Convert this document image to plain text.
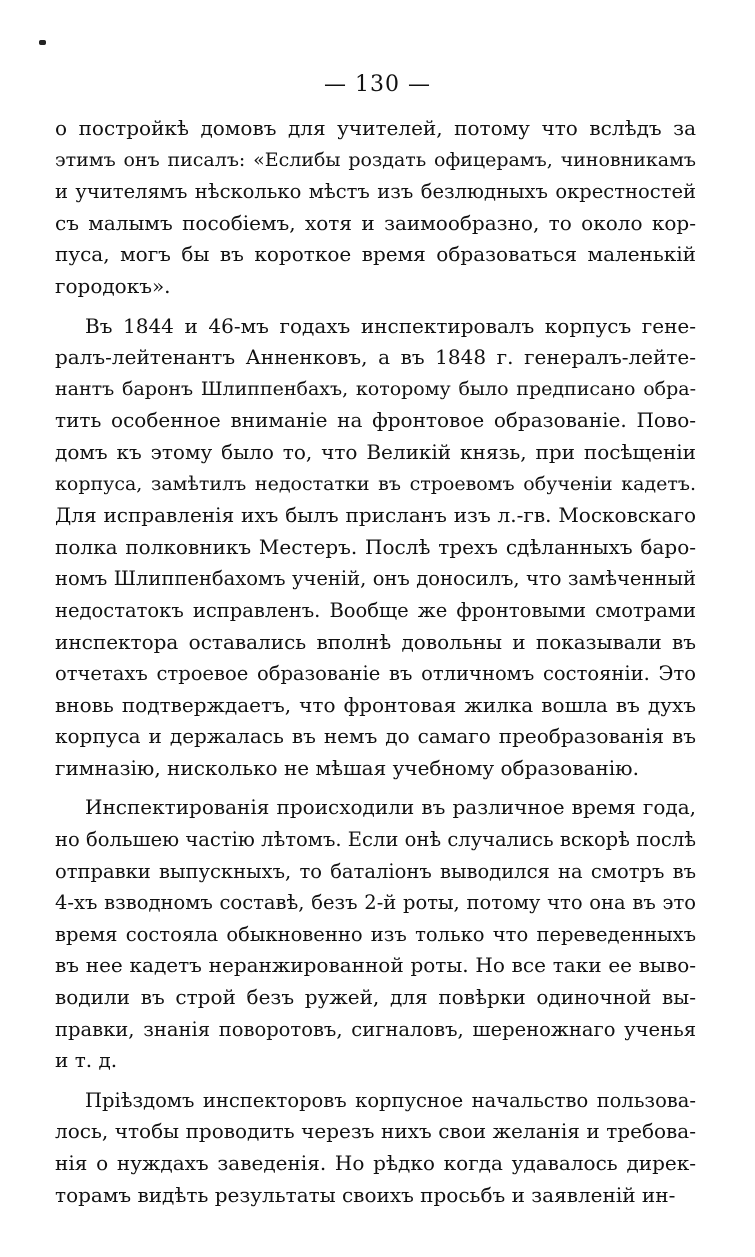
— 130 —
о постройкѣ домовъ для учителей, потому что вслѣдъ за
этимъ онъ писалъ: «Еслибы роздать офицерамъ, чиновникамъ
и учителямъ нѣсколько мѣстъ изъ безлюдныхъ окрестностей
съ малымъ пособіемъ, хотя и заимообразно, то около кор-
пуса, могъ бы въ короткое время образоваться маленькій
городокъ».
Въ 1844 и 46-мъ годахъ инспектировалъ корпусъ гене-
ралъ-лейтенантъ Анненковъ, а въ 1848 г. генералъ-лейте-
нантъ баронъ Шлиппенбахъ, которому было предписано обра-
тить особенное вниманіе на фронтовое образованіе. Пово-
домъ къ этому было то, что Великій князь, при посѣщеніи
корпуса, замѣтилъ недостатки въ строевомъ обученіи кадетъ.
Для исправленія ихъ былъ присланъ изъ л.-гв. Московскаго
полка полковникъ Местеръ. Послѣ трехъ сдѣланныхъ баро-
номъ Шлиппенбахомъ ученій, онъ доносилъ, что замѣченный
недостатокъ исправленъ. Вообще же фронтовыми смотрами
инспектора оставались вполнѣ довольны и показывали въ
отчетахъ строевое образованіе въ отличномъ состояніи. Это
вновь подтверждаетъ, что фронтовая жилка вошла въ духъ
корпуса и держалась въ немъ до самаго преобразованія въ
гимназію, нисколько не мѣшая учебному образованію.
Инспектированія происходили въ различное время года,
но большею частію лѣтомъ. Если онѣ случались вскорѣ послѣ
отправки выпускныхъ, то баталіонъ выводился на смотръ въ
4-хъ взводномъ составѣ, безъ 2-й роты, потому что она въ это
время состояла обыкновенно изъ только что переведенныхъ
въ нее кадетъ неранжированной роты. Но все таки ее выво-
водили въ строй безъ ружей, для повѣрки одиночной вы-
правки, знанія поворотовъ, сигналовъ, шереножнаго ученья
и т. д.
Пріѣздомъ инспекторовъ корпусное начальство пользова-
лось, чтобы проводить черезъ нихъ свои желанія и требова-
нія о нуждахъ заведенія. Но рѣдко когда удавалось дирек-
торамъ видѣть результаты своихъ просьбъ и заявленій ин-
